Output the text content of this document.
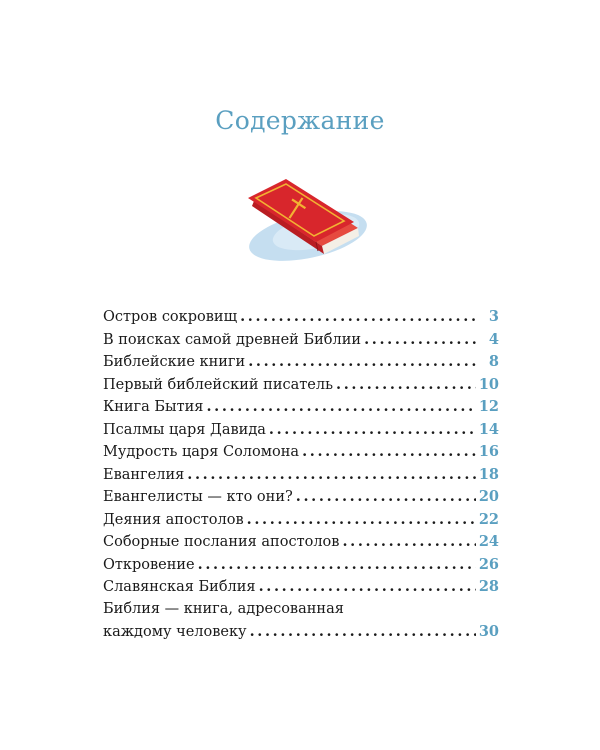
Содержание
Остров сокровищ . . .	3
В поисках самой древней Библии . . .	4
Библейские книги . . .	8
Первый библейский писатель . . .	10
Книга Бытия . . .	12
Псалмы царя Давида . . .	14
Мудрость царя Соломона . . .	16
Евангелия . . .	18
Евангелисты — кто они? . . .	20
Деяния апостолов . . .	22
Соборные послания апостолов . . .	24
Откровение . . .	26
Славянская Библия . . .	28
Библия — книга, адресованная
каждому человеку . . .	30
